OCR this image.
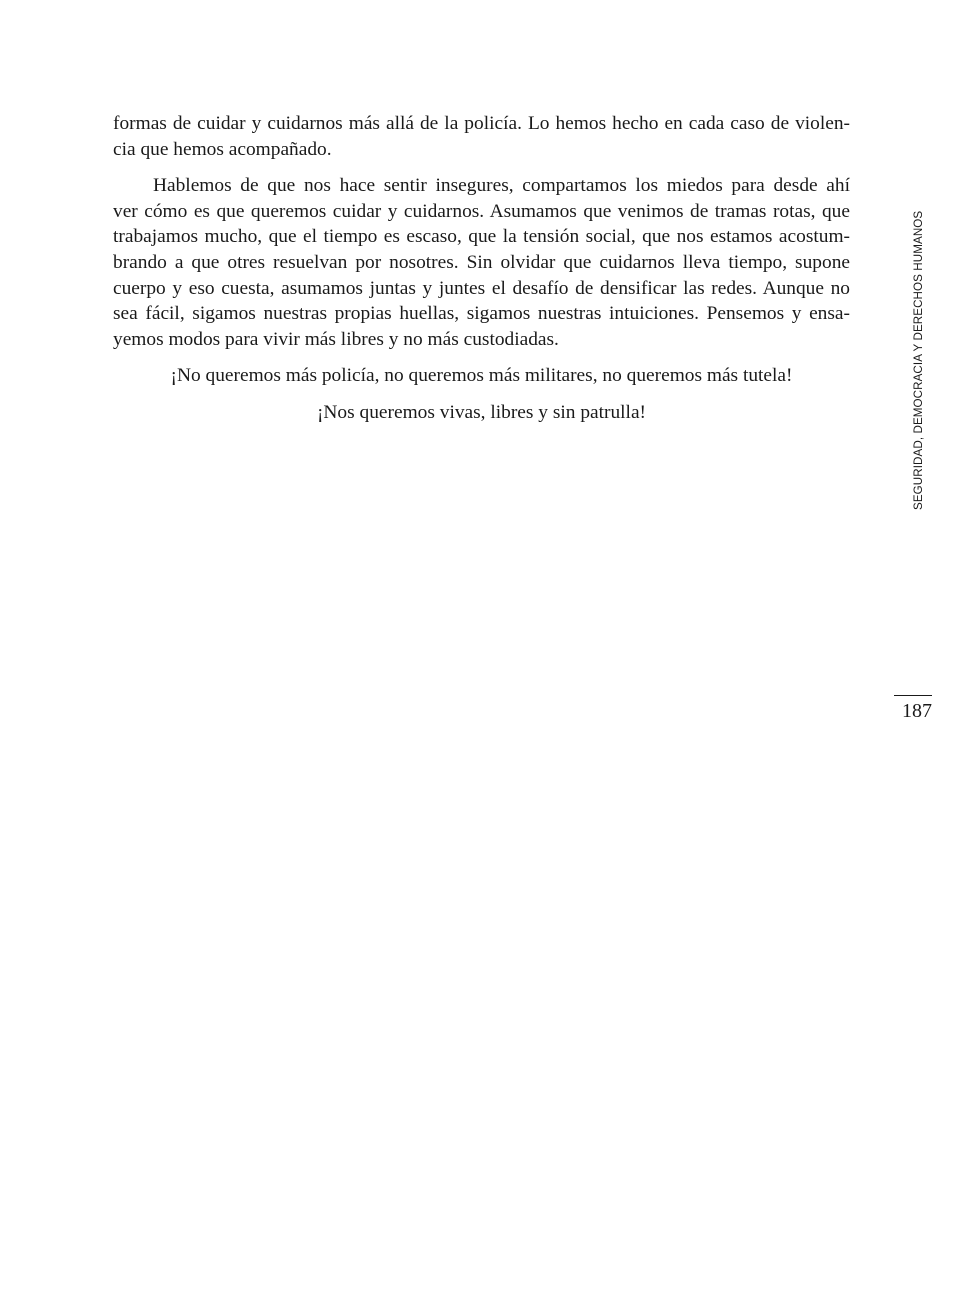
formas de cuidar y cuidarnos más allá de la policía. Lo hemos hecho en cada caso de violen-
cia que hemos acompañado.
Hablemos de que nos hace sentir insegures, compartamos los miedos para desde ahí
ver cómo es que queremos cuidar y cuidarnos. Asumamos que venimos de tramas rotas, que
trabajamos mucho, que el tiempo es escaso, que la tensión social, que nos estamos acostum-
brando a que otres resuelvan por nosotres. Sin olvidar que cuidarnos lleva tiempo, supone
cuerpo y eso cuesta, asumamos juntas y juntes el desafío de densificar las redes. Aunque no
sea fácil, sigamos nuestras propias huellas, sigamos nuestras intuiciones. Pensemos y ensa-
yemos modos para vivir más libres y no más custodiadas.
¡No queremos más policía, no queremos más militares, no queremos más tutela!
¡Nos queremos vivas, libres y sin patrulla!	SEGURIDAD, DEMOCRACIA Y DERECHOS HUMANOS
187
